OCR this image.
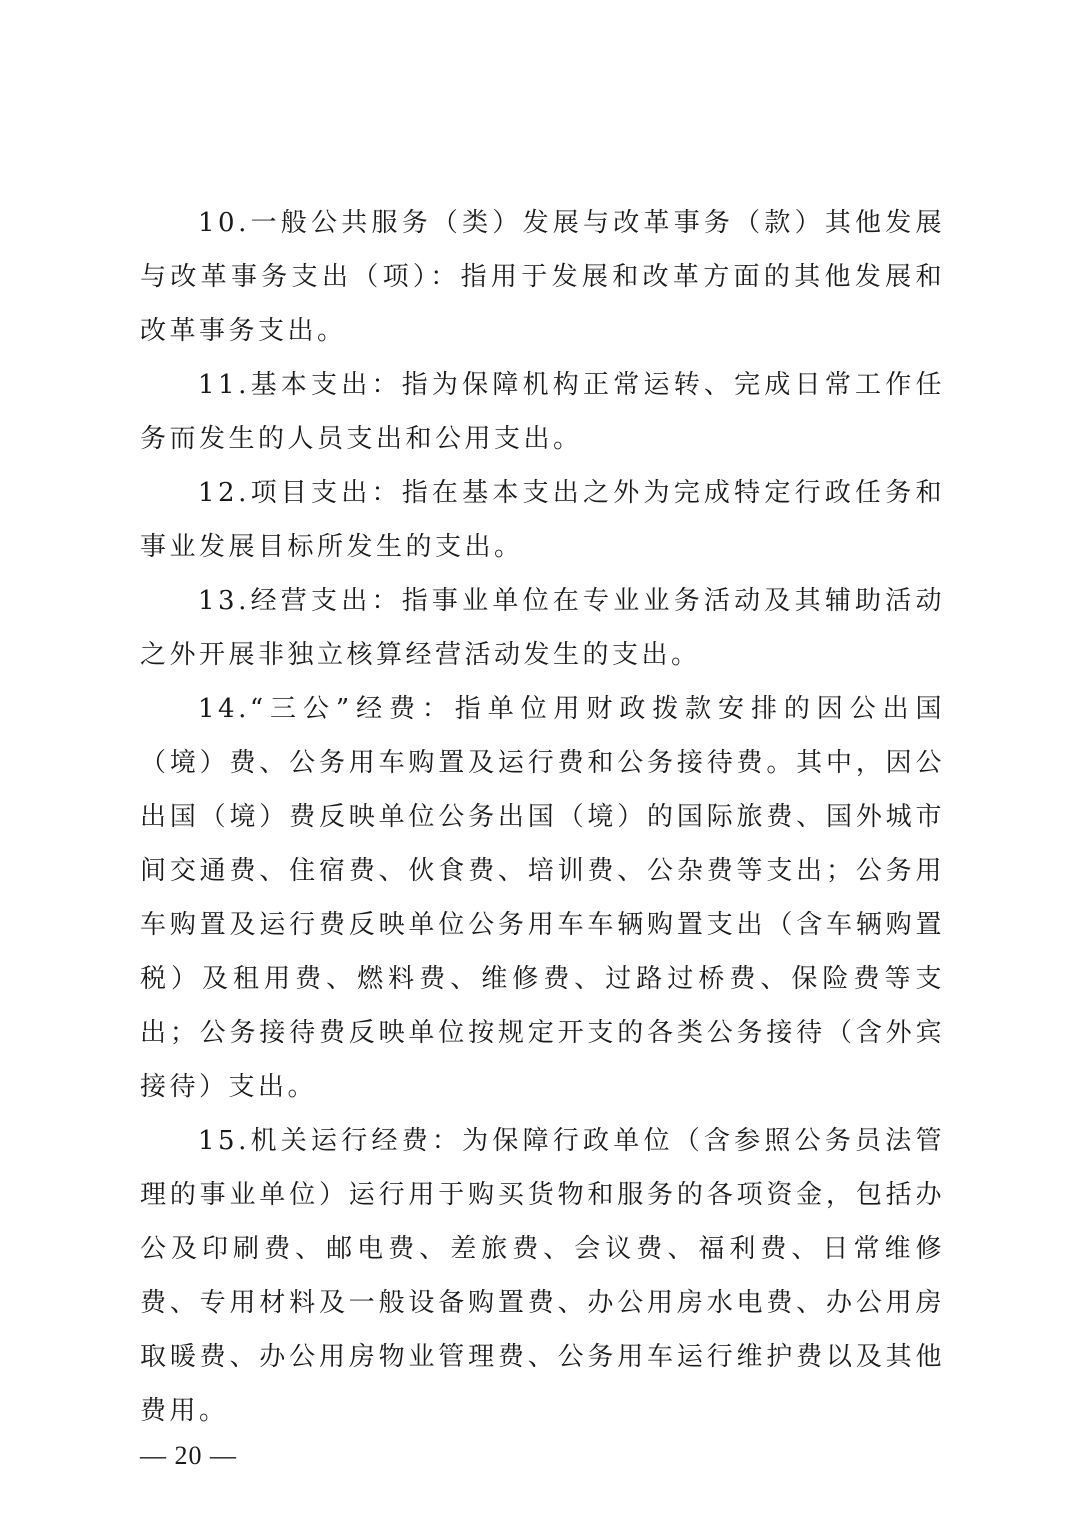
10.一般公共服务（类）发展与改革事务（款）其他发展与改革事务支出（项）：指用于发展和改革方面的其他发展和改革事务支出。

11.基本支出：指为保障机构正常运转、完成日常工作任务而发生的人员支出和公用支出。

12.项目支出：指在基本支出之外为完成特定行政任务和事业发展目标所发生的支出。

13.经营支出：指事业单位在专业业务活动及其辅助活动之外开展非独立核算经营活动发生的支出。

14.“三公”经费：指单位用财政拨款安排的因公出国（境）费、公务用车购置及运行费和公务接待费。其中，因公出国（境）费反映单位公务出国（境）的国际旅费、国外城市间交通费、住宿费、伙食费、培训费、公杂费等支出；公务用车购置及运行费反映单位公务用车车辆购置支出（含车辆购置税）及租用费、燃料费、维修费、过路过桥费、保险费等支出；公务接待费反映单位按规定开支的各类公务接待（含外宾接待）支出。

15.机关运行经费：为保障行政单位（含参照公务员法管理的事业单位）运行用于购买货物和服务的各项资金，包括办公及印刷费、邮电费、差旅费、会议费、福利费、日常维修费、专用材料及一般设备购置费、办公用房水电费、办公用房取暖费、办公用房物业管理费、公务用车运行维护费以及其他费用。

— 20 —
